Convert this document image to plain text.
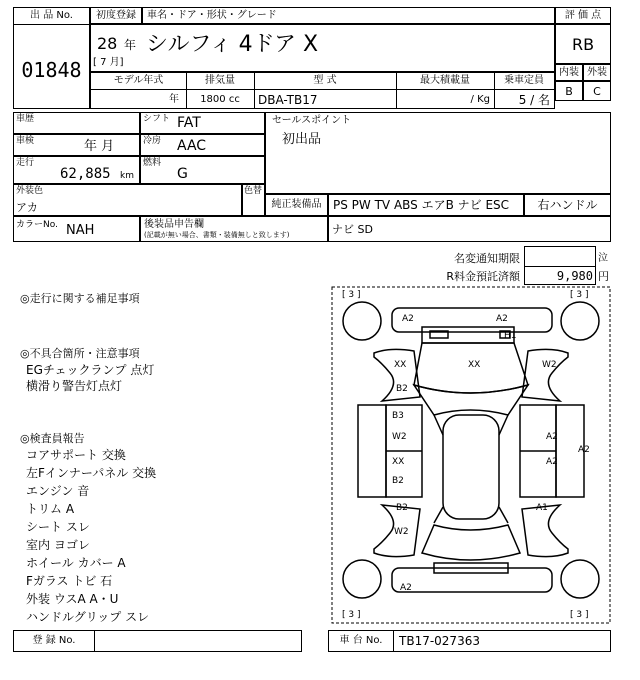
出 品 No.
01848
初度登録	車名・ドア・形状・グレード
28 年
[ 7 月]
シルフィ 4ドア X
評 価 点
RB
内装 外装
B	C
モデル年式	排気量	型 式	最大積載量	乗車定員
年	1800 cc	DBA-TB17	/ Kg	5 / 名
車歴	シフト FAT
車検	年 月	冷房 AAC
走行
62,885 km
燃料
G
外装色
アカ
色替
カラーNo. NAH	後装品申告欄
(記載が無い場合、書類・装備無しと致します)	ナビ SD
セールスポイント
初出品
純正装備品 PS PW TV ABS エアB ナビ ESC	右ハンドル
名変通知期限	泣
R料金預託済額	9,980 円
◎走行に関する補足事項
◎不具合箇所・注意事項
EGチェックランプ 点灯
横滑り警告灯点灯
◎検査員報告
コアサポート 交換
左Fインナーパネル 交換
エンジン 音
トリム A
シート スレ
室内 ヨゴレ
ホイール カバー A
Fガラス トビ 石
外装 ウスA A・U
ハンドルグリップ スレ
[ 3 ]	[ 3 ]
[ 3 ]	[ 3 ]
A2	A2
H1
XX	XX	W2
B2
B3
W2	A2
A2
XX
B2
A2
B2	A1
W2
A2
登 録 No.	車 台 No.	TB17-027363
